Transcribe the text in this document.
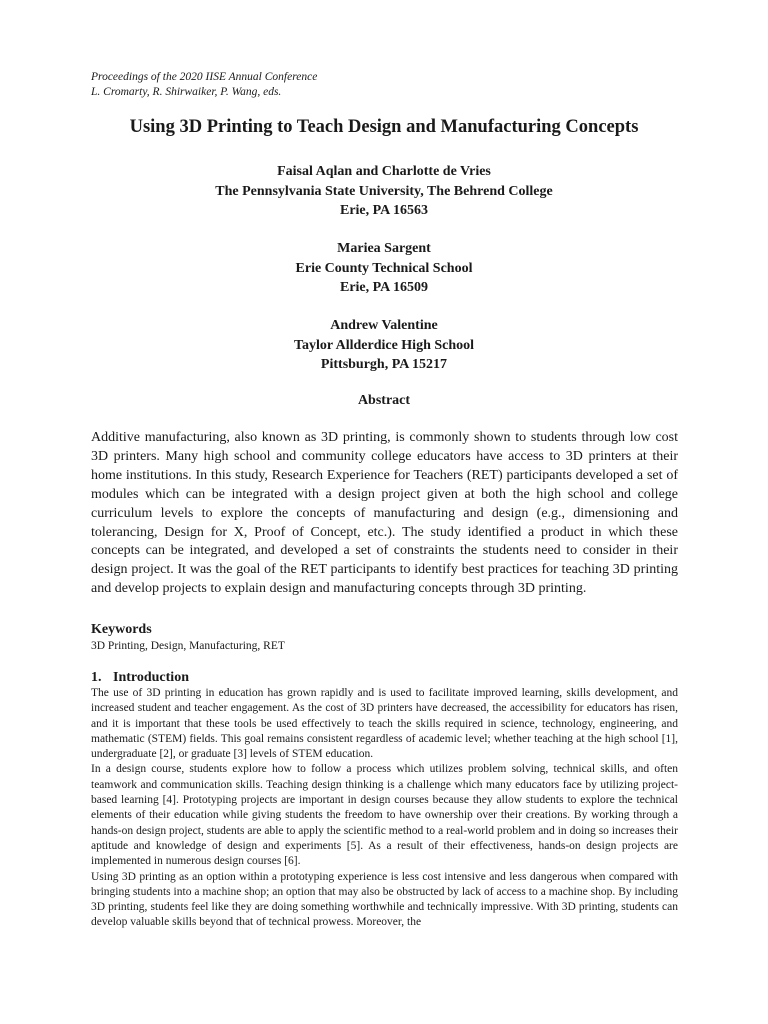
Proceedings of the 2020 IISE Annual Conference
L. Cromarty, R. Shirwaiker, P. Wang, eds.
Using 3D Printing to Teach Design and Manufacturing Concepts
Faisal Aqlan and Charlotte de Vries
The Pennsylvania State University, The Behrend College
Erie, PA 16563
Mariea Sargent
Erie County Technical School
Erie, PA 16509
Andrew Valentine
Taylor Allderdice High School
Pittsburgh, PA 15217
Abstract
Additive manufacturing, also known as 3D printing, is commonly shown to students through low cost 3D printers. Many high school and community college educators have access to 3D printers at their home institutions. In this study, Research Experience for Teachers (RET) participants developed a set of modules which can be integrated with a design project given at both the high school and college curriculum levels to explore the concepts of manufacturing and design (e.g., dimensioning and tolerancing, Design for X, Proof of Concept, etc.). The study identified a product in which these concepts can be integrated, and developed a set of constraints the students need to consider in their design project. It was the goal of the RET participants to identify best practices for teaching 3D printing and develop projects to explain design and manufacturing concepts through 3D printing.
Keywords
3D Printing, Design, Manufacturing, RET
1. Introduction

The use of 3D printing in education has grown rapidly and is used to facilitate improved learning, skills development, and increased student and teacher engagement. As the cost of 3D printers have decreased, the accessibility for educators has risen, and it is important that these tools be used effectively to teach the skills required in science, technology, engineering, and mathematic (STEM) fields. This goal remains consistent regardless of academic level; whether teaching at the high school [1], undergraduate [2], or graduate [3] levels of STEM education.

In a design course, students explore how to follow a process which utilizes problem solving, technical skills, and often teamwork and communication skills. Teaching design thinking is a challenge which many educators face by utilizing project-based learning [4]. Prototyping projects are important in design courses because they allow students to explore the technical elements of their education while giving students the freedom to have ownership over their creations. By working through a hands-on design project, students are able to apply the scientific method to a real-world problem and in doing so increases their aptitude and knowledge of design and experiments [5]. As a result of their effectiveness, hands-on design projects are implemented in numerous design courses [6].

Using 3D printing as an option within a prototyping experience is less cost intensive and less dangerous when compared with bringing students into a machine shop; an option that may also be obstructed by lack of access to a machine shop. By including 3D printing, students feel like they are doing something worthwhile and technically impressive. With 3D printing, students can develop valuable skills beyond that of technical prowess. Moreover, the
